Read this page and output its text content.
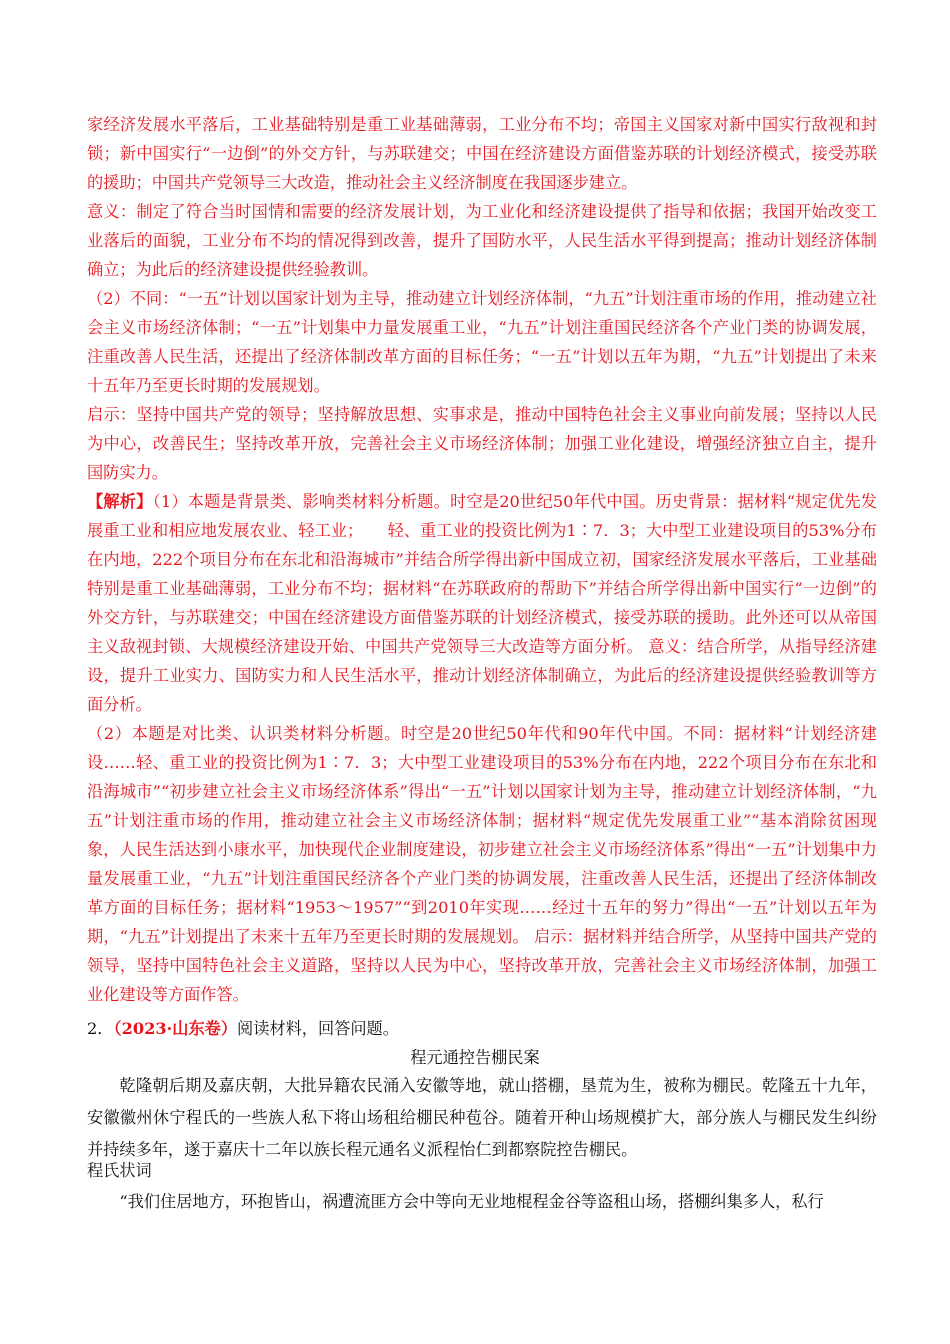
家经济发展水平落后，工业基础特别是重工业基础薄弱，工业分布不均；帝国主义国家对新中国实行敌视和封锁；新中国实行“一边倒”的外交方针，与苏联建交；中国在经济建设方面借鉴苏联的计划经济模式，接受苏联的援助；中国共产党领导三大改造，推动社会主义经济制度在我国逐步建立。

意义：制定了符合当时国情和需要的经济发展计划，为工业化和经济建设提供了指导和依据；我国开始改变工业落后的面貌，工业分布不均的情况得到改善，提升了国防水平，人民生活水平得到提高；推动计划经济体制确立；为此后的经济建设提供经验教训。

（2）不同：“一五”计划以国家计划为主导，推动建立计划经济体制，“九五”计划注重市场的作用，推动建立社会主义市场经济体制；“一五”计划集中力量发展重工业，“九五”计划注重国民经济各个产业门类的协调发展，注重改善人民生活，还提出了经济体制改革方面的目标任务；“一五”计划以五年为期，“九五”计划提出了未来十五年乃至更长时期的发展规划。

启示：坚持中国共产党的领导；坚持解放思想、实事求是，推动中国特色社会主义事业向前发展；坚持以人民为中心，改善民生；坚持改革开放，完善社会主义市场经济体制；加强工业化建设，增强经济独立自主，提升国防实力。

【解析】（1）本题是背景类、影响类材料分析题。时空是20世纪50年代中国。历史背景：据材料“规定优先发展重工业和相应地发展农业、轻工业；　　轻、重工业的投资比例为1∶7．3；大中型工业建设项目的53%分布在内地，222个项目分布在东北和沿海城市”并结合所学得出新中国成立初，国家经济发展水平落后，工业基础特别是重工业基础薄弱，工业分布不均；据材料“在苏联政府的帮助下”并结合所学得出新中国实行“一边倒”的外交方针，与苏联建交；中国在经济建设方面借鉴苏联的计划经济模式，接受苏联的援助。此外还可以从帝国主义敌视封锁、大规模经济建设开始、中国共产党领导三大改造等方面分析。 意义：结合所学，从指导经济建设，提升工业实力、国防实力和人民生活水平，推动计划经济体制确立，为此后的经济建设提供经验教训等方面分析。

（2）本题是对比类、认识类材料分析题。时空是20世纪50年代和90年代中国。不同：据材料“计划经济建设……轻、重工业的投资比例为1∶7．3；大中型工业建设项目的53%分布在内地，222个项目分布在东北和沿海城市”“初步建立社会主义市场经济体系”得出“一五”计划以国家计划为主导，推动建立计划经济体制，“九五”计划注重市场的作用，推动建立社会主义市场经济体制；据材料“规定优先发展重工业”“基本消除贫困现象，人民生活达到小康水平，加快现代企业制度建设，初步建立社会主义市场经济体系”得出“一五”计划集中力量发展重工业，“九五”计划注重国民经济各个产业门类的协调发展，注重改善人民生活，还提出了经济体制改革方面的目标任务；据材料“1953～1957”“到2010年实现……经过十五年的努力”得出“一五”计划以五年为期，“九五”计划提出了未来十五年乃至更长时期的发展规划。 启示：据材料并结合所学，从坚持中国共产党的领导，坚持中国特色社会主义道路，坚持以人民为中心，坚持改革开放，完善社会主义市场经济体制，加强工业化建设等方面作答。

2．（2023·山东卷）阅读材料，回答问题。
程元通控告棚民案

乾隆朝后期及嘉庆朝，大批异籍农民涌入安徽等地，就山搭棚，垦荒为生，被称为棚民。乾隆五十九年，安徽徽州休宁程氏的一些族人私下将山场租给棚民种苞谷。随着开种山场规模扩大，部分族人与棚民发生纠纷并持续多年，遂于嘉庆十二年以族长程元通名义派程怡仁到都察院控告棚民。

程氏状词

“我们住居地方，环抱皆山，祸遭流匪方会中等向无业地棍程金谷等盗租山场，搭棚纠集多人，私行
